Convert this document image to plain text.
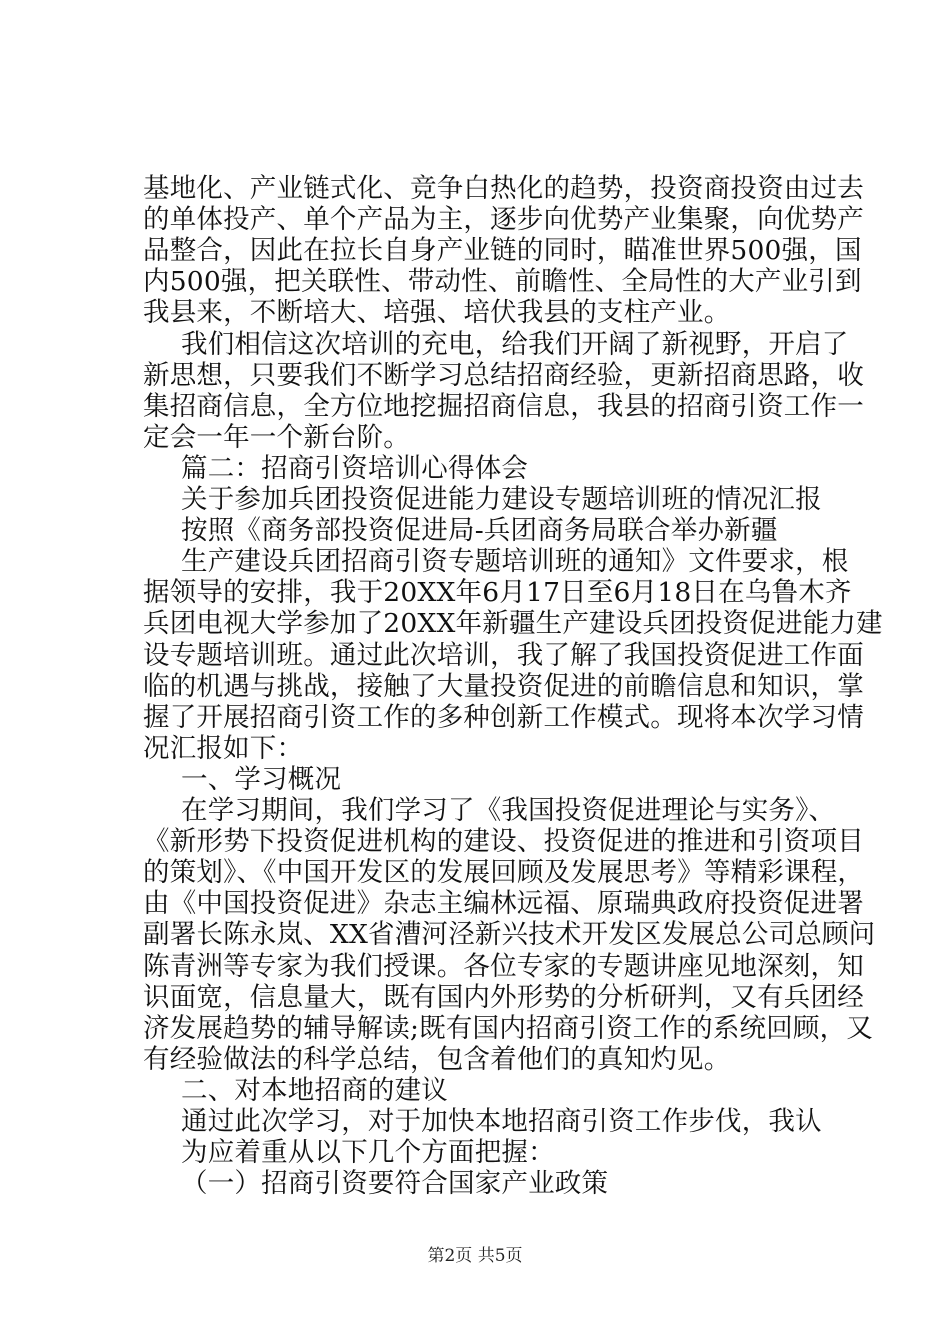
基地化、产业链式化、竞争白热化的趋势，投资商投资由过去
的单体投产、单个产品为主，逐步向优势产业集聚，向优势产
品整合，因此在拉长自身产业链的同时，瞄准世界500强，国
内500强，把关联性、带动性、前瞻性、全局性的大产业引到
我县来，不断培大、培强、培伏我县的支柱产业。
我们相信这次培训的充电，给我们开阔了新视野，开启了
新思想，只要我们不断学习总结招商经验，更新招商思路，收
集招商信息，全方位地挖掘招商信息，我县的招商引资工作一
定会一年一个新台阶。
篇二：招商引资培训心得体会
关于参加兵团投资促进能力建设专题培训班的情况汇报
按照《商务部投资促进局-兵团商务局联合举办新疆
生产建设兵团招商引资专题培训班的通知》文件要求，根
据领导的安排，我于20XX年6月17日至6月18日在乌鲁木齐
兵团电视大学参加了20XX年新疆生产建设兵团投资促进能力建
设专题培训班。通过此次培训，我了解了我国投资促进工作面
临的机遇与挑战，接触了大量投资促进的前瞻信息和知识，掌
握了开展招商引资工作的多种创新工作模式。现将本次学习情
况汇报如下：
一、学习概况
在学习期间，我们学习了《我国投资促进理论与实务》、
《新形势下投资促进机构的建设、投资促进的推进和引资项目
的策划》、《中国开发区的发展回顾及发展思考》等精彩课程，
由《中国投资促进》杂志主编林远福、原瑞典政府投资促进署
副署长陈永岚、XX省漕河泾新兴技术开发区发展总公司总顾问
陈青洲等专家为我们授课。各位专家的专题讲座见地深刻，知
识面宽，信息量大，既有国内外形势的分析研判，又有兵团经
济发展趋势的辅导解读;既有国内招商引资工作的系统回顾，又
有经验做法的科学总结，包含着他们的真知灼见。
二、对本地招商的建议
通过此次学习，对于加快本地招商引资工作步伐，我认
为应着重从以下几个方面把握：
（一）招商引资要符合国家产业政策
第2页 共5页
